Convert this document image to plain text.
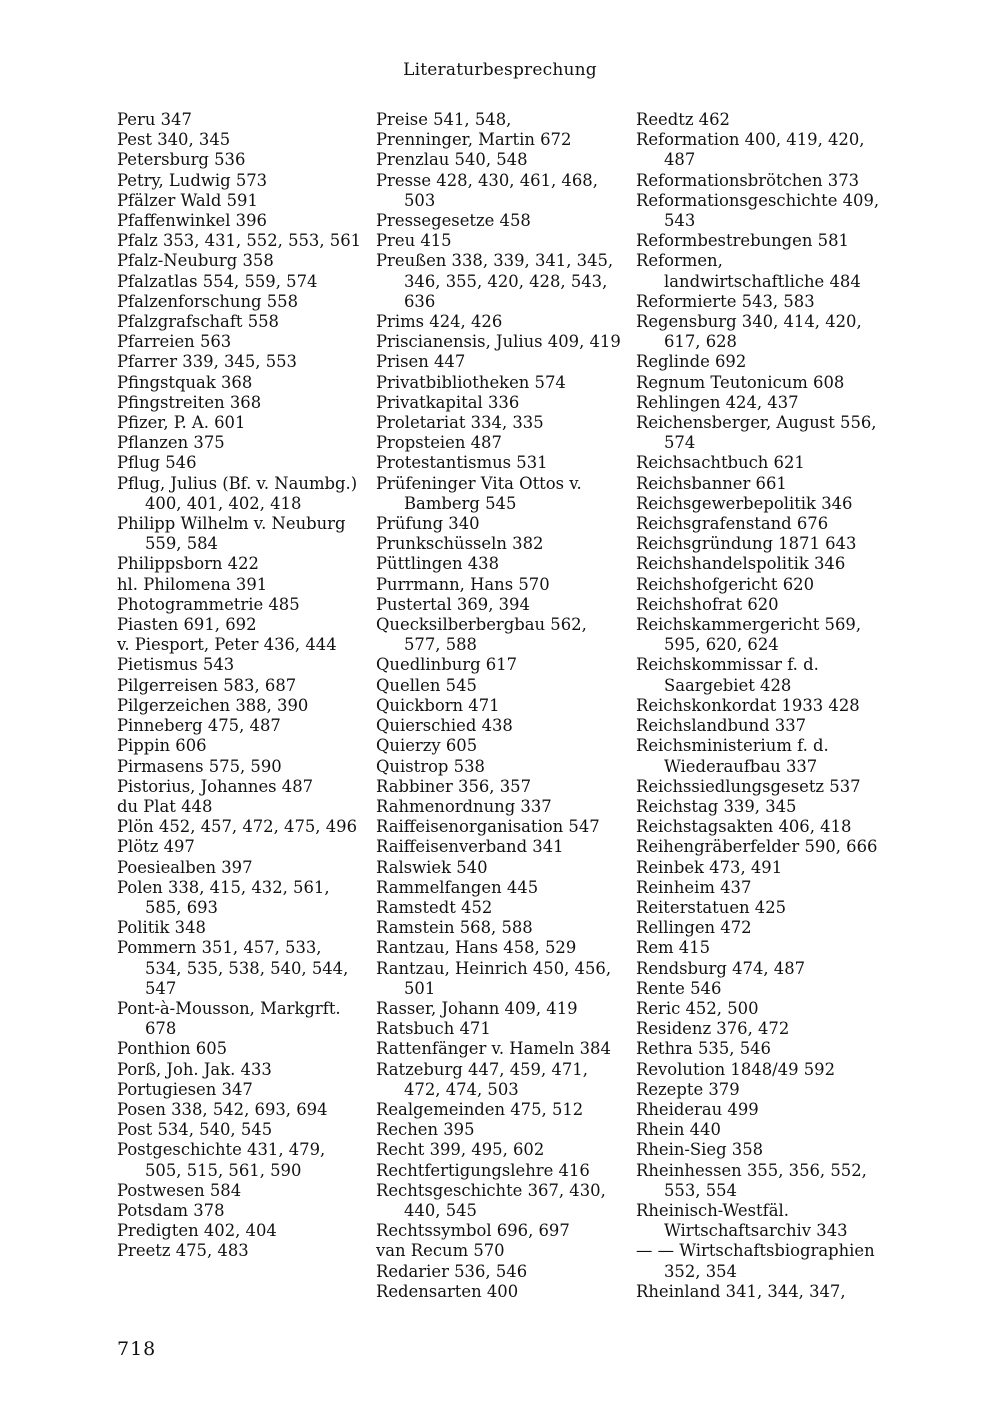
Literaturbesprechung
Peru 347
Pest 340, 345
Petersburg 536
Petry, Ludwig 573
Pfälzer Wald 591
Pfaffenwinkel 396
Pfalz 353, 431, 552, 553, 561
Pfalz-Neuburg 358
Pfalzatlas 554, 559, 574
Pfalzenforschung 558
Pfalzgrafschaft 558
Pfarreien 563
Pfarrer 339, 345, 553
Pfingstquak 368
Pfingstreiten 368
Pfizer, P. A. 601
Pflanzen 375
Pflug 546
Pflug, Julius (Bf. v. Naumbg.) 400, 401, 402, 418
Philipp Wilhelm v. Neuburg 559, 584
Philippsborn 422
hl. Philomena 391
Photogrammetrie 485
Piasten 691, 692
v. Piesport, Peter 436, 444
Pietismus 543
Pilgerreisen 583, 687
Pilgerzeichen 388, 390
Pinneberg 475, 487
Pippin 606
Pirmasens 575, 590
Pistorius, Johannes 487
du Plat 448
Plön 452, 457, 472, 475, 496
Plötz 497
Poesiealben 397
Polen 338, 415, 432, 561, 585, 693
Politik 348
Pommern 351, 457, 533, 534, 535, 538, 540, 544, 547
Pont-à-Mousson, Markgrft. 678
Ponthion 605
Porß, Joh. Jak. 433
Portugiesen 347
Posen 338, 542, 693, 694
Post 534, 540, 545
Postgeschichte 431, 479, 505, 515, 561, 590
Postwesen 584
Potsdam 378
Predigten 402, 404
Preetz 475, 483
Preise 541, 548,
Prenninger, Martin 672
Prenzlau 540, 548
Presse 428, 430, 461, 468, 503
Pressegesetze 458
Preu 415
Preußen 338, 339, 341, 345, 346, 355, 420, 428, 543, 636
Prims 424, 426
Priscianensis, Julius 409, 419
Prisen 447
Privatbibliotheken 574
Privatkapital 336
Proletariat 334, 335
Propsteien 487
Protestantismus 531
Prüfeninger Vita Ottos v. Bamberg 545
Prüfung 340
Prunkschüsseln 382
Püttlingen 438
Purrmann, Hans 570
Pustertal 369, 394
Quecksilberbergbau 562, 577, 588
Quedlinburg 617
Quellen 545
Quickborn 471
Quierschied 438
Quierzy 605
Quistrop 538
Rabbiner 356, 357
Rahmenordnung 337
Raiffeisenorganisation 547
Raiffeisenverband 341
Ralswiek 540
Rammelfangen 445
Ramstedt 452
Ramstein 568, 588
Rantzau, Hans 458, 529
Rantzau, Heinrich 450, 456, 501
Rasser, Johann 409, 419
Ratsbuch 471
Rattenfänger v. Hameln 384
Ratzeburg 447, 459, 471, 472, 474, 503
Realgemeinden 475, 512
Rechen 395
Recht 399, 495, 602
Rechtfertigungslehre 416
Rechtsgeschichte 367, 430, 440, 545
Rechtssymbol 696, 697
van Recum 570
Redarier 536, 546
Redensarten 400
Reedtz 462
Reformation 400, 419, 420, 487
Reformationsbrötchen 373
Reformationsgeschichte 409, 543
Reformbestrebungen 581
Reformen, landwirtschaftliche 484
Reformierte 543, 583
Regensburg 340, 414, 420, 617, 628
Reglinde 692
Regnum Teutonicum 608
Rehlingen 424, 437
Reichensberger, August 556, 574
Reichsachtbuch 621
Reichsbanner 661
Reichsgewerbepolitik 346
Reichsgrafenstand 676
Reichsgründung 1871 643
Reichshandelspolitik 346
Reichshofgericht 620
Reichshofrat 620
Reichskammergericht 569, 595, 620, 624
Reichskommissar f. d. Saargebiet 428
Reichskonkordat 1933 428
Reichslandbund 337
Reichsministerium f. d. Wiederaufbau 337
Reichssiedlungsgesetz 537
Reichstag 339, 345
Reichstagsakten 406, 418
Reihengräberfelder 590, 666
Reinbek 473, 491
Reinheim 437
Reiterstatuen 425
Rellingen 472
Rem 415
Rendsburg 474, 487
Rente 546
Reric 452, 500
Residenz 376, 472
Rethra 535, 546
Revolution 1848/49 592
Rezepte 379
Rheiderau 499
Rhein 440
Rhein-Sieg 358
Rheinhessen 355, 356, 552, 553, 554
Rheinisch-Westfäl. Wirtschaftsarchiv 343
— — Wirtschaftsbiographien 352, 354
Rheinland 341, 344, 347,
718
